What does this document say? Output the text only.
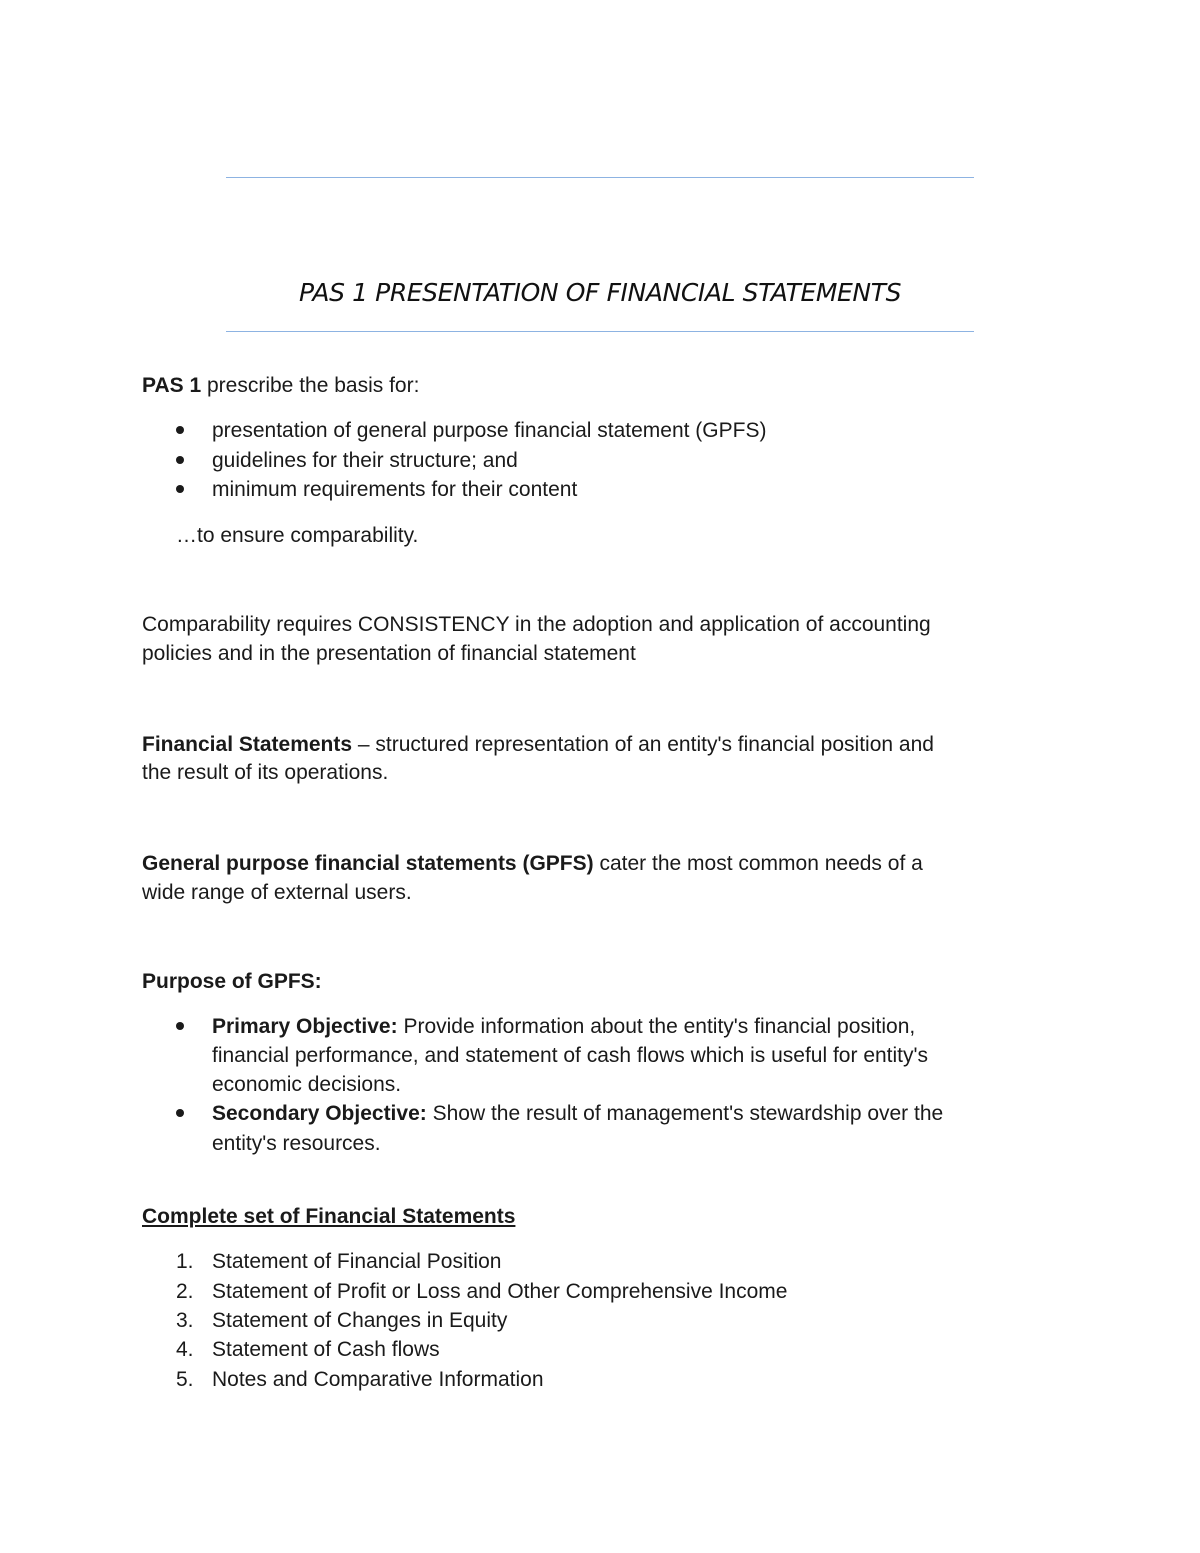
PAS 1 PRESENTATION OF FINANCIAL STATEMENTS
PAS 1 prescribe the basis for:
presentation of general purpose financial statement (GPFS)
guidelines for their structure; and
minimum requirements for their content
…to ensure comparability.
Comparability requires CONSISTENCY in the adoption and application of accounting
policies and in the presentation of financial statement
Financial Statements – structured representation of an entity's financial position and
the result of its operations.
General purpose financial statements (GPFS) cater the most common needs of a
wide range of external users.
Purpose of GPFS:
Primary Objective: Provide information about the entity's financial position,
financial performance, and statement of cash flows which is useful for entity's
economic decisions.
Secondary Objective: Show the result of management's stewardship over the
entity's resources.
Complete set of Financial Statements
1. Statement of Financial Position
2. Statement of Profit or Loss and Other Comprehensive Income
3. Statement of Changes in Equity
4. Statement of Cash flows
5. Notes and Comparative Information
